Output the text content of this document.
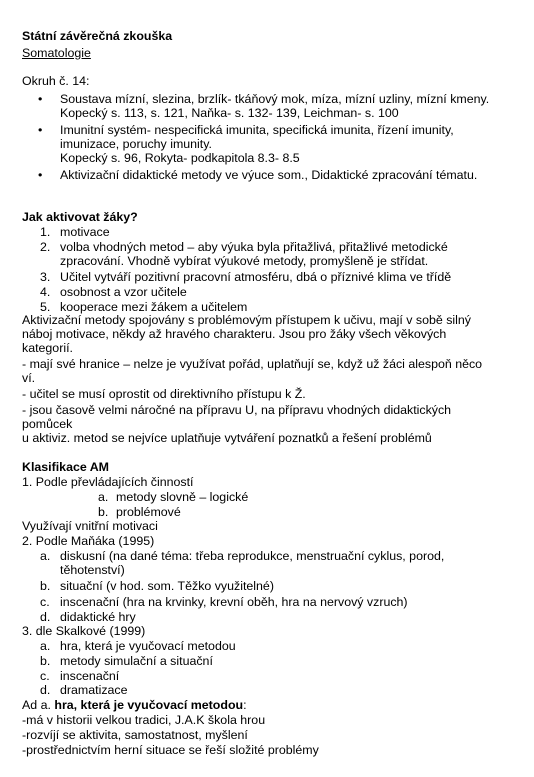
Státní závěrečná zkouška
Somatologie
Okruh č. 14:
• Soustava mízní, slezina, brzlík- tkáňový mok, míza, mízní uzliny, mízní kmeny.
Kopecký s. 113, s. 121, Naňka- s. 132- 139, Leichman- s. 100
• Imunitní systém- nespecifická imunita, specifická imunita, řízení imunity,
imunizace, poruchy imunity.
Kopecký s. 96, Rokyta- podkapitola 8.3- 8.5
• Aktivizační didaktické metody ve výuce som., Didaktické zpracování tématu.
Jak aktivovat žáky?
1. motivace
2. volba vhodných metod – aby výuka byla přitažlivá, přitažlivé metodické
zpracování. Vhodně vybírat výukové metody, promyšleně je střídat.
3. Učitel vytváří pozitivní pracovní atmosféru, dbá o příznivé klima ve třídě
4. osobnost a vzor učitele
5. kooperace mezi žákem a učitelem
Aktivizační metody spojovány s problémovým přístupem k učivu, mají v sobě silný
náboj motivace, někdy až hravého charakteru. Jsou pro žáky všech věkových
kategorií.
- mají své hranice – nelze je využívat pořád, uplatňují se, když už žáci alespoň něco
ví.
- učitel se musí oprostit od direktivního přístupu k Ž.
- jsou časově velmi náročné na přípravu U, na přípravu vhodných didaktických
pomůcek
u aktiviz. metod se nejvíce uplatňuje vytváření poznatků a řešení problémů
Klasifikace AM
1. Podle převládajících činností
a. metody slovně – logické
b. problémové
Využívají vnitřní motivaci
2. Podle Maňáka (1995)
a. diskusní (na dané téma: třeba reprodukce, menstruační cyklus, porod,
těhotenství)
b. situační (v hod. som. Těžko využitelné)
c. inscenační (hra na krvinky, krevní oběh, hra na nervový vzruch)
d. didaktické hry
3. dle Skalkové (1999)
a. hra, která je vyučovací metodou
b. metody simulační a situační
c. inscenační
d. dramatizace
Ad a. hra, která je vyučovací metodou:
-má v historii velkou tradici, J.A.K škola hrou
-rozvíjí se aktivita, samostatnost, myšlení
-prostřednictvím herní situace se řeší složité problémy
